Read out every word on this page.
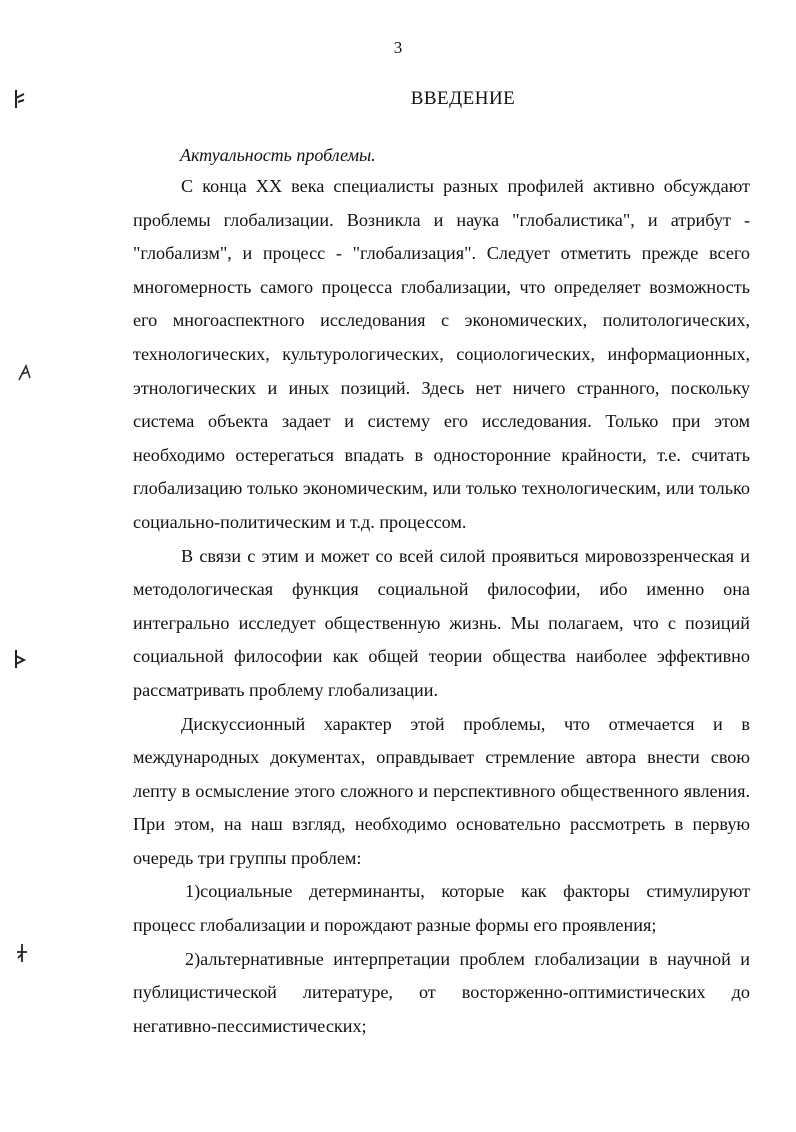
3
ВВЕДЕНИЕ
Актуальность проблемы.

С конца XX века специалисты разных профилей активно обсуждают проблемы глобализации. Возникла и наука "глобалистика", и атрибут - "глобализм", и процесс - "глобализация". Следует отметить прежде всего многомерность самого процесса глобализации, что определяет возможность его многоаспектного исследования с экономических, политологических, технологических, культурологических, социологических, информационных, этнологических и иных позиций. Здесь нет ничего странного, поскольку система объекта задает и систему его исследования. Только при этом необходимо остерегаться впадать в односторонние крайности, т.е. считать глобализацию только экономическим, или только технологическим, или только социально-политическим и т.д. процессом.

В связи с этим и может со всей силой проявиться мировоззренческая и методологическая функция социальной философии, ибо именно она интегрально исследует общественную жизнь. Мы полагаем, что с позиций социальной философии как общей теории общества наиболее эффективно рассматривать проблему глобализации.

Дискуссионный характер этой проблемы, что отмечается и в международных документах, оправдывает стремление автора внести свою лепту в осмысление этого сложного и перспективного общественного явления. При этом, на наш взгляд, необходимо основательно рассмотреть в первую очередь три группы проблем:

1)социальные детерминанты, которые как факторы стимулируют процесс глобализации и порождают разные формы его проявления;

2)альтернативные интерпретации проблем глобализации в научной и публицистической литературе, от восторженно-оптимистических до негативно-пессимистических;
